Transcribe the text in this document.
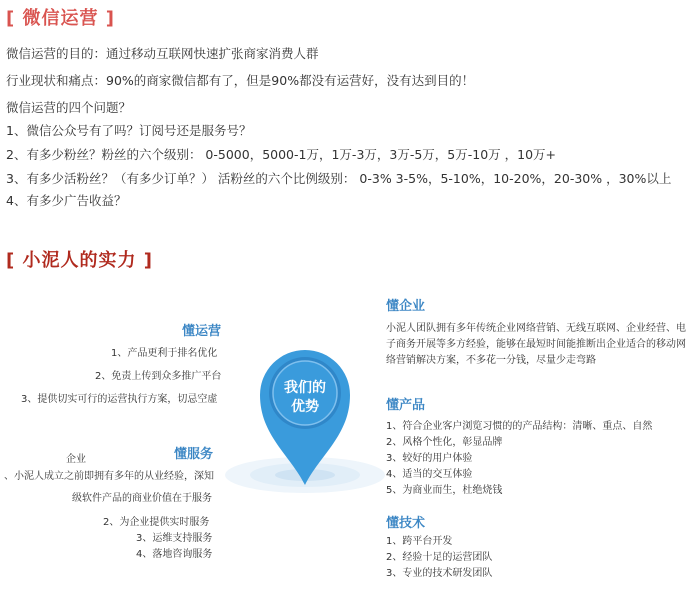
[ 微信运营 ]
微信运营的目的：通过移动互联网快速扩张商家消费人群
行业现状和痛点：90%的商家微信都有了，但是90%都没有运营好，没有达到目的！
微信运营的四个问题？
1、微信公众号有了吗？订阅号还是服务号？
2、有多少粉丝？粉丝的六个级别： 0-5000，5000-1万，1万-3万，3万-5万，5万-10万 ，10万+
3、有多少活粉丝？（有多少订单？） 活粉丝的六个比例级别： 0-3% 3-5%，5-10%，10-20%，20-30% ，30%以上
4、有多少广告收益？
[ 小泥人的实力 ]
我们的
优势
懂运营
1、产品更利于排名优化
2、免责上传到众多推广平台
3、提供切实可行的运营执行方案，切忌空虚
懂服务
企业
、小泥人成立之前即拥有多年的从业经验，深知
级软件产品的商业价值在于服务
2、为企业提供实时服务
3、运维支持服务
4、落地咨询服务
懂企业
小泥人团队拥有多年传统企业网络营销、无线互联网、企业经营、电
子商务开展等多方经验，能够在最短时间能推断出企业适合的移动网
络营销解决方案，不多花一分钱，尽量少走弯路
懂产品
1、符合企业客户浏览习惯的的产品结构：清晰、重点、自然
2、风格个性化，彰显品牌
3、较好的用户体验
4、适当的交互体验
5、为商业而生，杜绝烧钱
懂技术
1、跨平台开发
2、经验十足的运营团队
3、专业的技术研发团队
